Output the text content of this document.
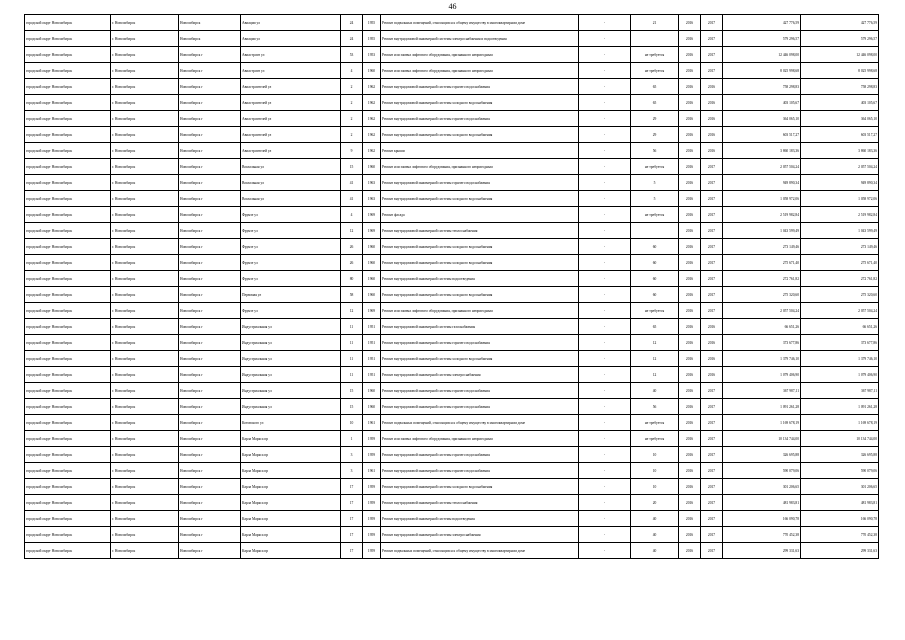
46
городской округ Новосибирск	г. Новосибирск	Новосибирск	Авиации ул	24	1955	Ремонт подвальных помещений, относящихся к общему имуществу в многоквартирном доме	-	21	2016	2017	427 776,59	427 776,59
городской округ Новосибирск	г. Новосибирск	Новосибирск	Авиации ул	24	1955	Ремонт внутридомовой инженерной системы электроснабжения и водоотведения	-		2016	2017	579 296,57	579 296,57
городской округ Новосибирск	г. Новосибирск	Новосибирск г	Авиастроит ул	53	1953	Ремонт или замена лифтового оборудования, признанного непригодным	-	не требуется	2016	2017	12 446 098,00	12 446 098,00
городской округ Новосибирск	г. Новосибирск	Новосибирск г	Авиастроит ул	4	1960	Ремонт или замена лифтового оборудования, признанного непригодным	-	не требуется	2016	2017	8 025 998,68	8 025 998,68
городской округ Новосибирск	г. Новосибирск	Новосибирск г	Авиастроителей ул	2	1962	Ремонт внутридомовой инженерной системы горячего водоснабжения	-	65	2016	2016	758 298,83	758 298,83
городской округ Новосибирск	г. Новосибирск	Новосибирск г	Авиастроителей ул	2	1962	Ремонт внутридомовой инженерной системы холодного водоснабжения	-	65	2016	2016	403 105,67	403 105,67
городской округ Новосибирск	г. Новосибирск	Новосибирск г	Авиастроителей ул	2	1962	Ремонт внутридомовой инженерной системы горячего водоснабжения	-	29	2016	2016	364 065,10	364 065,10
городской округ Новосибирск	г. Новосибирск	Новосибирск г	Авиастроителей ул	2	1962	Ремонт внутридомовой инженерной системы холодного водоснабжения	-	29	2016	2016	603 517,27	603 517,27
городской округ Новосибирск	г. Новосибирск	Новосибирск г	Авиастроителей ул	9	1962	Ремонт крыши	-	56	2016	2016	3 860 183,36	3 860 183,36
городской округ Новосибирск	г. Новосибирск	Новосибирск г	Вокзальная ул	15	1960	Ремонт или замена лифтового оборудования, признанного непригодным	-	не требуется	2016	2017	2 057 504,24	2 057 504,24
городской округ Новосибирск	г. Новосибирск	Новосибирск г	Вокзальная ул	41	1963	Ремонт внутридомовой инженерной системы горячего водоснабжения	-	5	2016	2017	949 890,34	949 890,34
городской округ Новосибирск	г. Новосибирск	Новосибирск г	Вокзальная ул	41	1963	Ремонт внутридомовой инженерной системы холодного водоснабжения	-	5	2016	2017	1 058 972,06	1 058 972,06
городской округ Новосибирск	г. Новосибирск	Новосибирск г	Фрунзе ул	4	1969	Ремонт фасада	-	не требуется	2016	2017	2 519 982,84	2 519 982,84
городской округ Новосибирск	г. Новосибирск	Новосибирск г	Фрунзе ул	12	1969	Ремонт внутридомовой инженерной системы теплоснабжения	-		2016	2017	1 043 599,49	1 043 599,49
городской округ Новосибирск	г. Новосибирск	Новосибирск г	Фрунзе ул	26	1960	Ремонт внутридомовой инженерной системы холодного водоснабжения	-	60	2016	2017	273 149,46	273 149,46
городской округ Новосибирск	г. Новосибирск	Новосибирск г	Фрунзе ул	26	1960	Ремонт внутридомовой инженерной системы холодного водоснабжения	-	60	2016	2017	275 671,40	275 671,40
городской округ Новосибирск	г. Новосибирск	Новосибирск г	Фрунзе ул	80	1960	Ремонт внутридомовой инженерной системы водоотведения	-	60	2016	2017	272 761,82	272 761,82
городской округ Новосибирск	г. Новосибирск	Новосибирск г	Первомая ул	58	1960	Ремонт внутридомовой инженерной системы холодного водоснабжения	-	60	2016	2017	275 320,60	275 320,60
городской округ Новосибирск	г. Новосибирск	Новосибирск г	Фрунзе ул	12	1969	Ремонт или замена лифтового оборудования, признанного непригодным	-	не требуется	2016	2017	2 057 504,24	2 057 504,24
городской округ Новосибирск	г. Новосибирск	Новосибирск г	Индустриальная ул	11	1951	Ремонт внутридомовой инженерной системы газоснабжения	-	65	2016	2016	66 651,26	66 651,26
городской округ Новосибирск	г. Новосибирск	Новосибирск г	Индустриальная ул	11	1951	Ремонт внутридомовой инженерной системы горячего водоснабжения	-	12	2016	2016	373 677,86	373 677,86
городской округ Новосибирск	г. Новосибирск	Новосибирск г	Индустриальная ул	11	1951	Ремонт внутридомовой инженерной системы холодного водоснабжения	-	12	2016	2016	1 379 746,10	1 379 746,10
городской округ Новосибирск	г. Новосибирск	Новосибирск г	Индустриальная ул	11	1951	Ремонт внутридомовой инженерной системы электроснабжения	-	12	2016	2016	1 079 406,90	1 079 406,90
городской округ Новосибирск	г. Новосибирск	Новосибирск г	Индустриальная ул	15	1960	Ремонт внутридомовой инженерной системы горячего водоснабжения	-	40	2016	2017	367 987,11	367 987,11
городской округ Новосибирск	г. Новосибирск	Новосибирск г	Индустриальная ул	15	1960	Ремонт внутридомовой инженерной системы горячего водоснабжения	-	56	2016	2017	1 091 261,28	1 091 261,28
городской округ Новосибирск	г. Новосибирск	Новосибирск г	Котовского ул	10	1961	Ремонт подвальных помещений, относящихся к общему имуществу в многоквартирном доме	-	не требуется	2016	2017	1 169 678,19	1 169 678,19
городской округ Новосибирск	г. Новосибирск	Новосибирск г	Карла Маркса пр	1	1959	Ремонт или замена лифтового оборудования, признанного непригодным	-	не требуется	2016	2017	10 134 744,00	10 134 744,00
городской округ Новосибирск	г. Новосибирск	Новосибирск г	Карла Маркса пр	3	1959	Ремонт внутридомовой инженерной системы горячего водоснабжения	-	10	2016	2017	326 695,88	326 695,88
городской округ Новосибирск	г. Новосибирск	Новосибирск г	Карла Маркса пр	3	1961	Ремонт внутридомовой инженерной системы горячего водоснабжения	-	10	2016	2017	590 079,06	590 079,06
городской округ Новосибирск	г. Новосибирск	Новосибирск г	Карла Маркса пр	17	1959	Ремонт внутридомовой инженерной системы холодного водоснабжения	-	10	2016	2017	301 206,65	301 206,65
городской округ Новосибирск	г. Новосибирск	Новосибирск г	Карла Маркса пр	17	1959	Ремонт внутридомовой инженерной системы теплоснабжения	-	20	2016	2017	481 983,81	481 983,81
городской округ Новосибирск	г. Новосибирск	Новосибирск г	Карла Маркса пр	17	1959	Ремонт внутридомовой инженерной системы водоотведения	-	40	2016	2017	166 090,78	166 090,78
городской округ Новосибирск	г. Новосибирск	Новосибирск г	Карла Маркса пр	17	1959	Ремонт внутридомовой инженерной системы электроснабжения	-	40	2016	2017	770 452,38	770 452,38
городской округ Новосибирск	г. Новосибирск	Новосибирск г	Карла Маркса пр	17	1959	Ремонт подвальных помещений, относящихся к общему имуществу в многоквартирном доме	-	40	2016	2017	299 331,63	299 331,63
